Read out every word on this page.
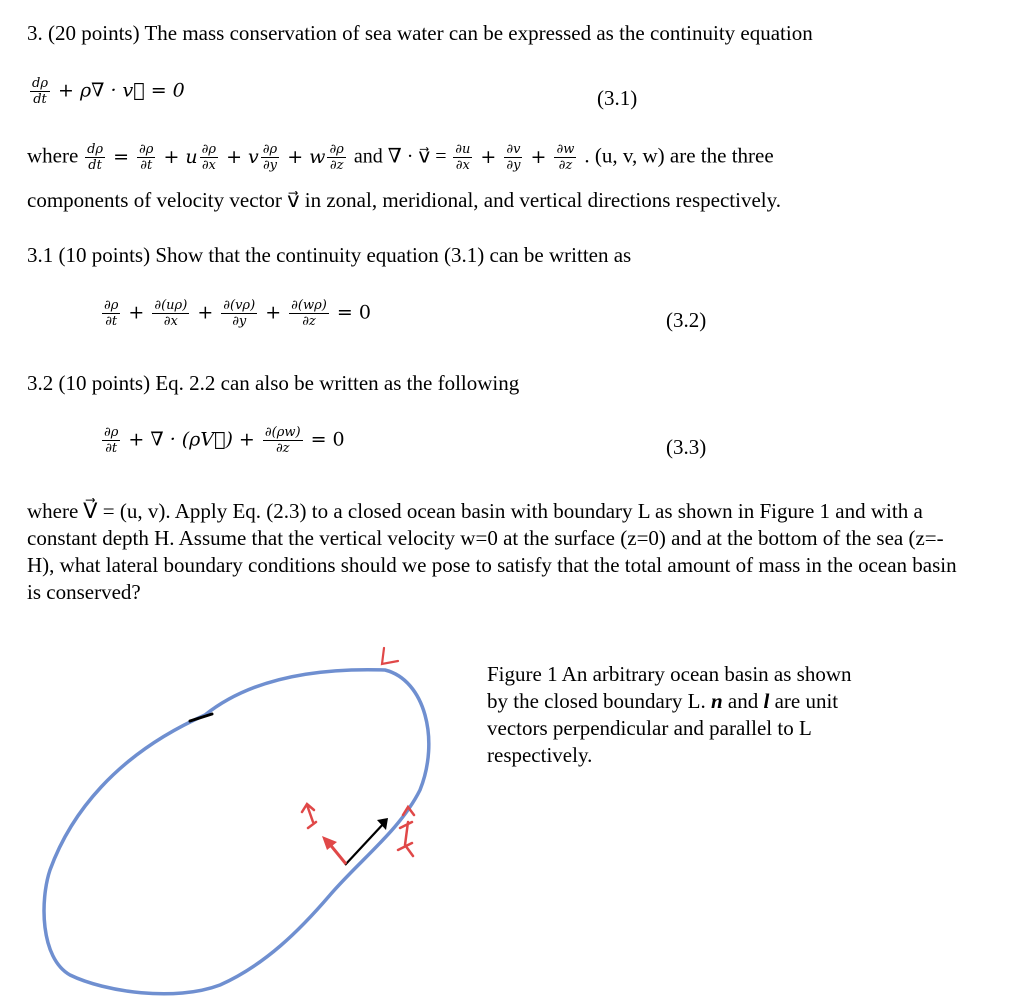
3. (20 points) The mass conservation of sea water can be expressed as the continuity equation
$\frac{d\rho}{dt} + \rho\nabla$ · v⃗ = 0	(3.1)
where $\frac{d\rho}{dt} = \frac{\partial\rho}{\partial t} + u \frac{\partial\rho}{\partial x} + v \frac{\partial\rho}{\partial y} + w \frac{\partial\rho}{\partial z}$ and ∇ · v⃗ = $\frac{\partial u}{\partial x} + \frac{\partial v}{\partial y} + \frac{\partial w}{\partial z}$ . (u, v, w) are the three
components of velocity vector v⃗ in zonal, meridional, and vertical directions respectively.
3.1 (10 points) Show that the continuity equation (3.1) can be written as
$\frac{\partial\rho}{\partial t} + \frac{\partial(u\rho)}{\partial x} + \frac{\partial(v\rho)}{\partial y} + \frac{\partial(w\rho)}{\partial z} = 0$	(3.2)
3.2 (10 points) Eq. 2.2 can also be written as the following
$\frac{\partial\rho}{\partial t}$ + ∇ · (ρV⃗) + $\frac{\partial(\rho w)}{\partial z} = 0$	(3.3)
where V⃗ = (u, v). Apply Eq. (2.3) to a closed ocean basin with boundary L as shown in Figure 1 and with a constant depth H. Assume that the vertical velocity w=0 at the surface (z=0) and at the bottom of the sea (z=-H), what lateral boundary conditions should we pose to satisfy that the total amount of mass in the ocean basin is conserved?
Figure 1 An arbitrary ocean basin as shown by the closed boundary L. n and l are unit vectors perpendicular and parallel to L respectively.
